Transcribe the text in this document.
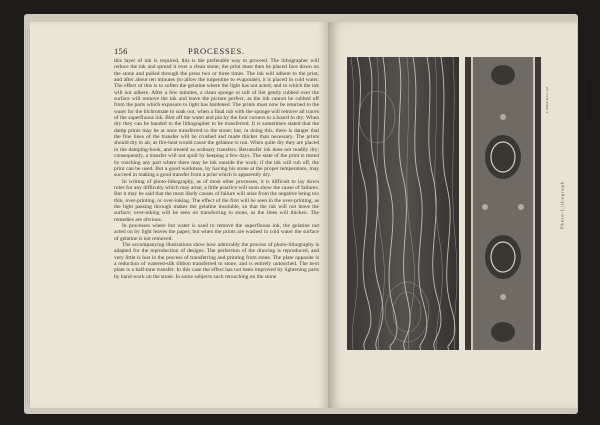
156	PROCESSES.

this layer of ink is required, this is the preferable way to proceed. The lithographer will reduce the ink and spread it over a clean stone; the print must then be placed face down on the stone and pulled through the press two or three times. The ink will adhere to the print, and after about ten minutes (to allow the turpentine to evaporate), it is placed in cold water. The effect of this is to soften the gelatine where the light has not acted, and to which the ink will not adhere. After a few minutes, a clean sponge or tuft of lint gently rubbed over the surface will remove the ink and leave the picture perfect, as the ink cannot be rubbed off from the parts which exposure to light has hardened. The prints must now be returned to the water for the bichromate to soak out, when a final rub with the sponge will remove all traces of the superfluous ink. Blot off the water and pin by the four corners to a board to dry. When dry they can be handed to the lithographer to be transferred. It is sometimes stated that the damp prints may be at once transferred to the stone; but, in doing this, there is danger that the fine lines of the transfer will be crushed and made thicker than necessary. The prints should dry in air, as fire-heat would cause the gelatine to run. When quite dry they are placed in the damping-book, and treated as ordinary transfers. Retransfer ink does not readily dry; consequently, a transfer will not spoil by keeping a few days. The state of the print is tested by touching any part where there may be ink outside the work; if the ink will rub off, the print can be used. But a good workman, by having his stone at the proper temperature, may succeed in making a good transfer from a print which is apparently dry.

In writing of photo-lithography, as of most other processes, it is difficult to lay down rules for any difficulty which may arise; a little practice will soon show the cause of failures. But it may be said that the most likely causes of failure will arise from the negative being too thin, over-printing, or over-inking. The effect of the first will be seen in the over-printing, as the light passing through makes the gelatine insoluble, so that the ink will not leave the surface; over-inking will be seen on transferring to stone, as the lines will thicken. The remedies are obvious.

In processes where hot water is used to remove the superfluous ink, the gelatine not acted on by light leaves the paper; but when the prints are washed in cold water the surface of gelatine is not removed.

The accompanying illustrations show how admirably the process of photo-lithography is adapted for the reproduction of designs. The perfection of the drawing is reproduced, and very little is lost in the process of transferring and printing from stone. The plate opposite is a reduction of watered-silk ribbon transferred to stone, and is entirely untouched. The next plate is a half-tone transfer. In this case the effect has not been improved by lightening parts by hand-work on the stone. In some subjects such retouching on the stone

A. Wilson & Co. Ltd.
Photo-Lithograph
